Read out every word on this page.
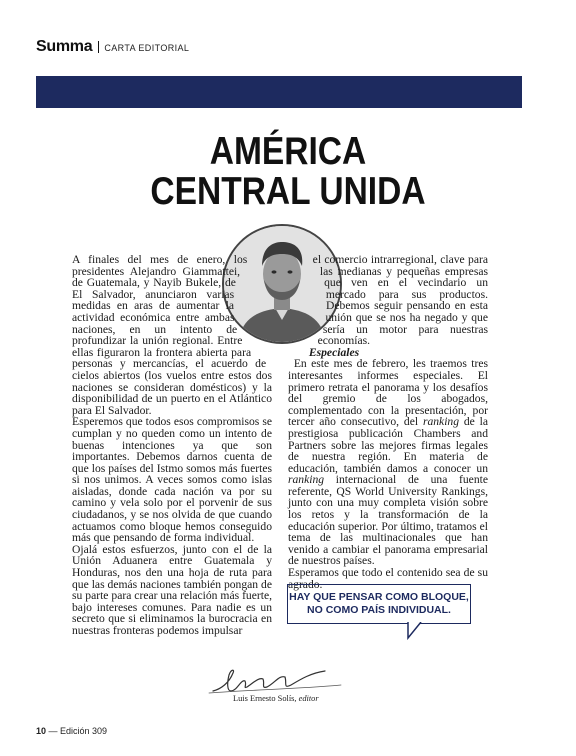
Summa CARTA EDITORIAL
AMÉRICA
CENTRAL UNIDA

A finales del mes de enero, los presidentes Alejandro Giammattei, de Guatemala, y Nayib Bukele, de El Salvador, anunciaron varias medidas en aras de aumentar la actividad económica entre ambas naciones, en un intento de profundizar la unión regional. Entre ellas figuraron la frontera abierta para personas y mercancías, el acuerdo de cielos abiertos (los vuelos entre estos dos naciones se consideran domésticos) y la disponibilidad de un puerto en el Atlántico para El Salvador.

Esperemos que todos esos compromisos se cumplan y no queden como un intento de buenas intenciones ya que son importantes. Debemos darnos cuenta de que los países del Istmo somos más fuertes si nos unimos. A veces somos como islas aisladas, donde cada nación va por su camino y vela solo por el porvenir de sus ciudadanos, y se nos olvida de que cuando actuamos como bloque hemos conseguido más que pensando de forma individual.

Ojalá estos esfuerzos, junto con el de la Unión Aduanera entre Guatemala y Honduras, nos den una hoja de ruta para que las demás naciones también pongan de su parte para crear una relación más fuerte, bajo intereses comunes. Para nadie es un secreto que si eliminamos la burocracia en nuestras fronteras podemos impulsar

el comercio intrarregional, clave para las medianas y pequeñas empresas que ven en el vecindario un mercado para sus productos. Debemos seguir pensando en esta unión que se nos ha negado y que sería un motor para nuestras economías.

Especiales

En este mes de febrero, les traemos tres interesantes informes especiales. El primero retrata el panorama y los desafíos del gremio de los abogados, complementado con la presentación, por tercer año consecutivo, del ranking de la prestigiosa publicación Chambers and Partners sobre las mejores firmas legales de nuestra región. En materia de educación, también damos a conocer un ranking internacional de una fuente referente, QS World University Rankings, junto con una muy completa visión sobre los retos y la transformación de la educación superior. Por último, tratamos el tema de las multinacionales que han venido a cambiar el panorama empresarial de nuestros países.

Esperamos que todo el contenido sea de su agrado.

HAY QUE PENSAR COMO BLOQUE,
NO COMO PAÍS INDIVIDUAL.
Luis Ernesto Solís, editor
10 — Edición 309
